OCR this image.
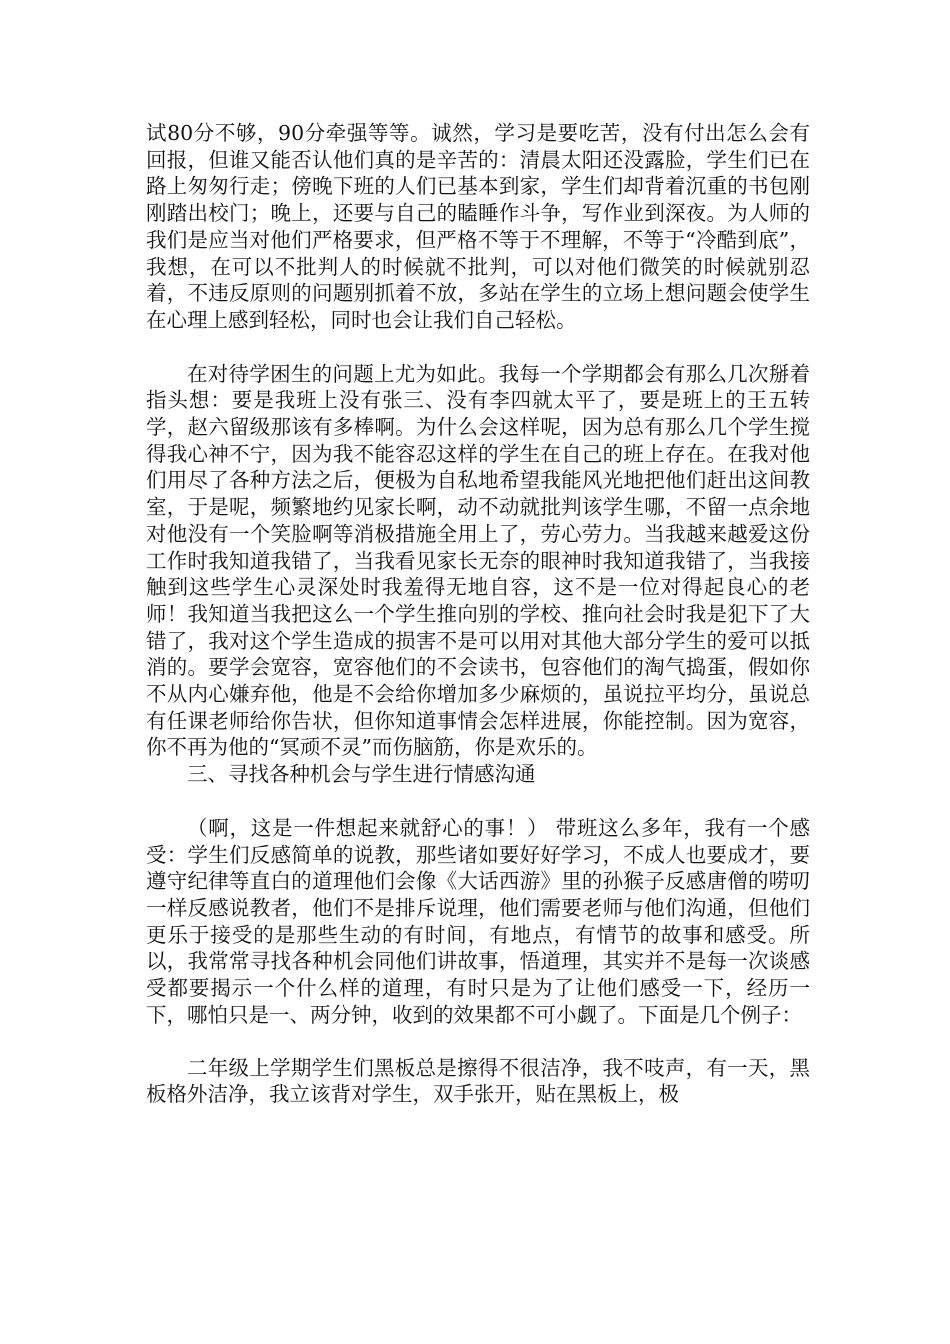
试80分不够，90分牵强等等。诚然，学习是要吃苦，没有付出怎么会有回报，但谁又能否认他们真的是辛苦的：清晨太阳还没露脸，学生们已在路上匆匆行走；傍晚下班的人们已基本到家，学生们却背着沉重的书包刚刚踏出校门；晚上，还要与自己的瞌睡作斗争，写作业到深夜。为人师的我们是应当对他们严格要求，但严格不等于不理解，不等于“冷酷到底”，我想，在可以不批判人的时候就不批判，可以对他们微笑的时候就别忍着，不违反原则的问题别抓着不放，多站在学生的立场上想问题会使学生在心理上感到轻松，同时也会让我们自己轻松。

在对待学困生的问题上尤为如此。我每一个学期都会有那么几次掰着指头想：要是我班上没有张三、没有李四就太平了，要是班上的王五转学，赵六留级那该有多棒啊。为什么会这样呢，因为总有那么几个学生搅得我心神不宁，因为我不能容忍这样的学生在自己的班上存在。在我对他们用尽了各种方法之后，便极为自私地希望我能风光地把他们赶出这间教室，于是呢，频繁地约见家长啊，动不动就批判该学生哪，不留一点余地对他没有一个笑脸啊等消极措施全用上了，劳心劳力。当我越来越爱这份工作时我知道我错了，当我看见家长无奈的眼神时我知道我错了，当我接触到这些学生心灵深处时我羞得无地自容，这不是一位对得起良心的老师！我知道当我把这么一个学生推向别的学校、推向社会时我是犯下了大错了，我对这个学生造成的损害不是可以用对其他大部分学生的爱可以抵消的。要学会宽容，宽容他们的不会读书，包容他们的淘气捣蛋，假如你不从内心嫌弃他，他是不会给你增加多少麻烦的，虽说拉平均分，虽说总有任课老师给你告状，但你知道事情会怎样进展，你能控制。因为宽容，你不再为他的“冥顽不灵”而伤脑筋，你是欢乐的。

三、寻找各种机会与学生进行情感沟通

（啊，这是一件想起来就舒心的事！） 带班这么多年，我有一个感受：学生们反感简单的说教，那些诸如要好好学习，不成人也要成才，要遵守纪律等直白的道理他们会像《大话西游》里的孙猴子反感唐僧的唠叨一样反感说教者，他们不是排斥说理，他们需要老师与他们沟通，但他们更乐于接受的是那些生动的有时间，有地点，有情节的故事和感受。所以，我常常寻找各种机会同他们讲故事，悟道理，其实并不是每一次谈感受都要揭示一个什么样的道理，有时只是为了让他们感受一下，经历一下，哪怕只是一、两分钟，收到的效果都不可小觑了。下面是几个例子：

二年级上学期学生们黑板总是擦得不很洁净，我不吱声，有一天，黑板格外洁净，我立该背对学生，双手张开，贴在黑板上，极
